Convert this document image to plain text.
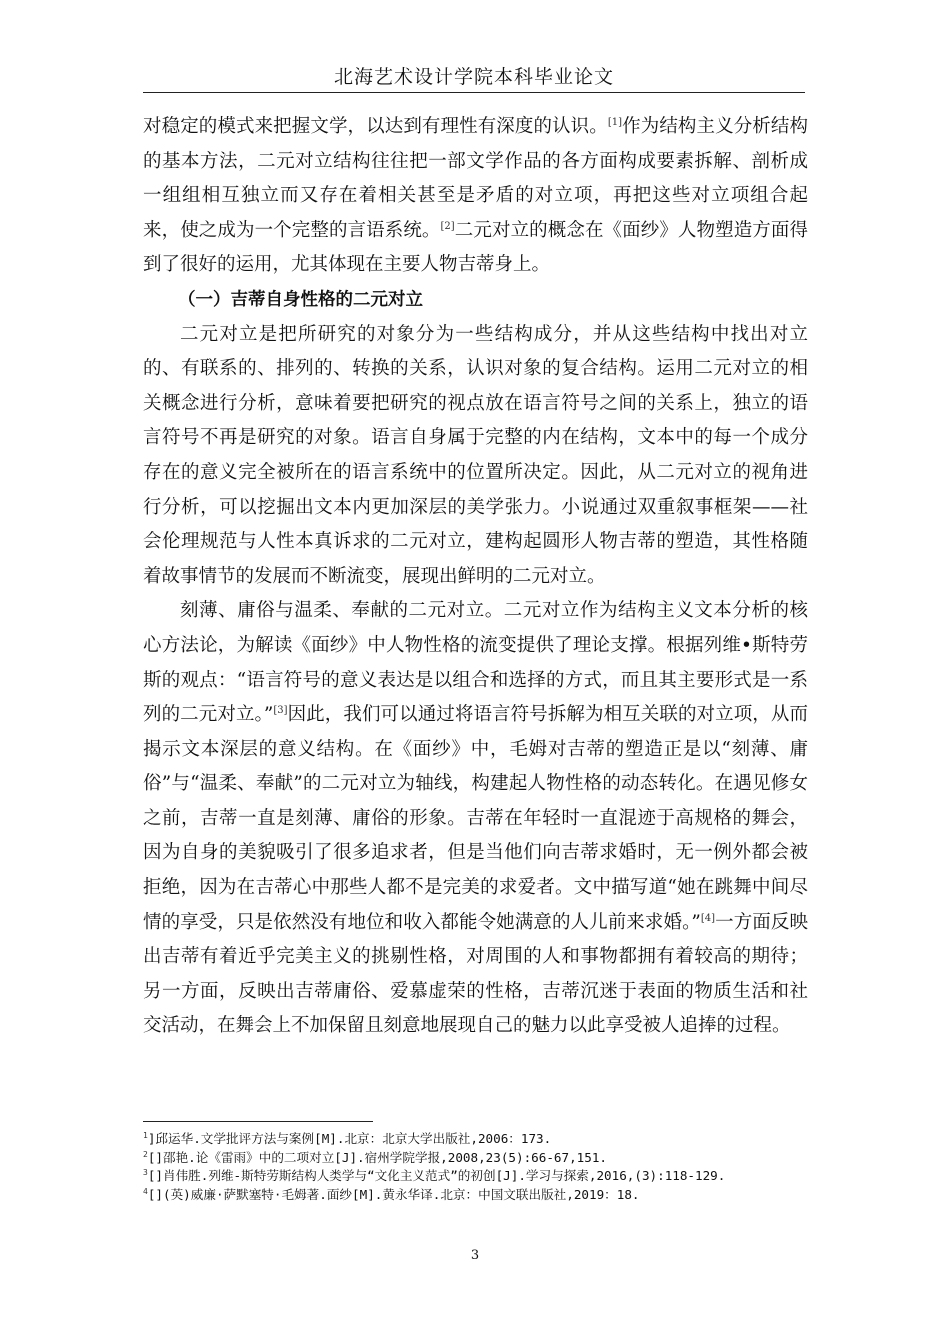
北海艺术设计学院本科毕业论文

对稳定的模式来把握文学，以达到有理性有深度的认识。[1]作为结构主义分析结构的基本方法，二元对立结构往往把一部文学作品的各方面构成要素拆解、剖析成一组组相互独立而又存在着相关甚至是矛盾的对立项，再把这些对立项组合起来，使之成为一个完整的言语系统。[2]二元对立的概念在《面纱》人物塑造方面得到了很好的运用，尤其体现在主要人物吉蒂身上。

（一）吉蒂自身性格的二元对立

二元对立是把所研究的对象分为一些结构成分，并从这些结构中找出对立的、有联系的、排列的、转换的关系，认识对象的复合结构。运用二元对立的相关概念进行分析，意味着要把研究的视点放在语言符号之间的关系上，独立的语言符号不再是研究的对象。语言自身属于完整的内在结构，文本中的每一个成分存在的意义完全被所在的语言系统中的位置所决定。因此，从二元对立的视角进行分析，可以挖掘出文本内更加深层的美学张力。小说通过双重叙事框架——社会伦理规范与人性本真诉求的二元对立，建构起圆形人物吉蒂的塑造，其性格随着故事情节的发展而不断流变，展现出鲜明的二元对立。

刻薄、庸俗与温柔、奉献的二元对立。二元对立作为结构主义文本分析的核心方法论，为解读《面纱》中人物性格的流变提供了理论支撑。根据列维•斯特劳斯的观点：“语言符号的意义表达是以组合和选择的方式，而且其主要形式是一系列的二元对立。”[3]因此，我们可以通过将语言符号拆解为相互关联的对立项，从而揭示文本深层的意义结构。在《面纱》中，毛姆对吉蒂的塑造正是以“刻薄、庸俗”与“温柔、奉献”的二元对立为轴线，构建起人物性格的动态转化。在遇见修女之前，吉蒂一直是刻薄、庸俗的形象。吉蒂在年轻时一直混迹于高规格的舞会，因为自身的美貌吸引了很多追求者，但是当他们向吉蒂求婚时，无一例外都会被拒绝，因为在吉蒂心中那些人都不是完美的求爱者。文中描写道“她在跳舞中间尽情的享受，只是依然没有地位和收入都能令她满意的人儿前来求婚。”[4]一方面反映出吉蒂有着近乎完美主义的挑剔性格，对周围的人和事物都拥有着较高的期待；另一方面，反映出吉蒂庸俗、爱慕虚荣的性格，吉蒂沉迷于表面的物质生活和社交活动，在舞会上不加保留且刻意地展现自己的魅力以此享受被人追捧的过程。

$^1$]邱运华.文学批评方法与案例[M].北京：北京大学出版社,2006：173.

$^2$[]邵艳.论《雷雨》中的二项对立[J].宿州学院学报,2008,23(5):66-67,151.

$^3$[]肖伟胜.列维-斯特劳斯结构人类学与“文化主义范式”的初创[J].学习与探索,2016,(3):118-129.

$^4$[](英)威廉·萨默塞特·毛姆著.面纱[M].黄永华译.北京：中国文联出版社,2019：18.

3
